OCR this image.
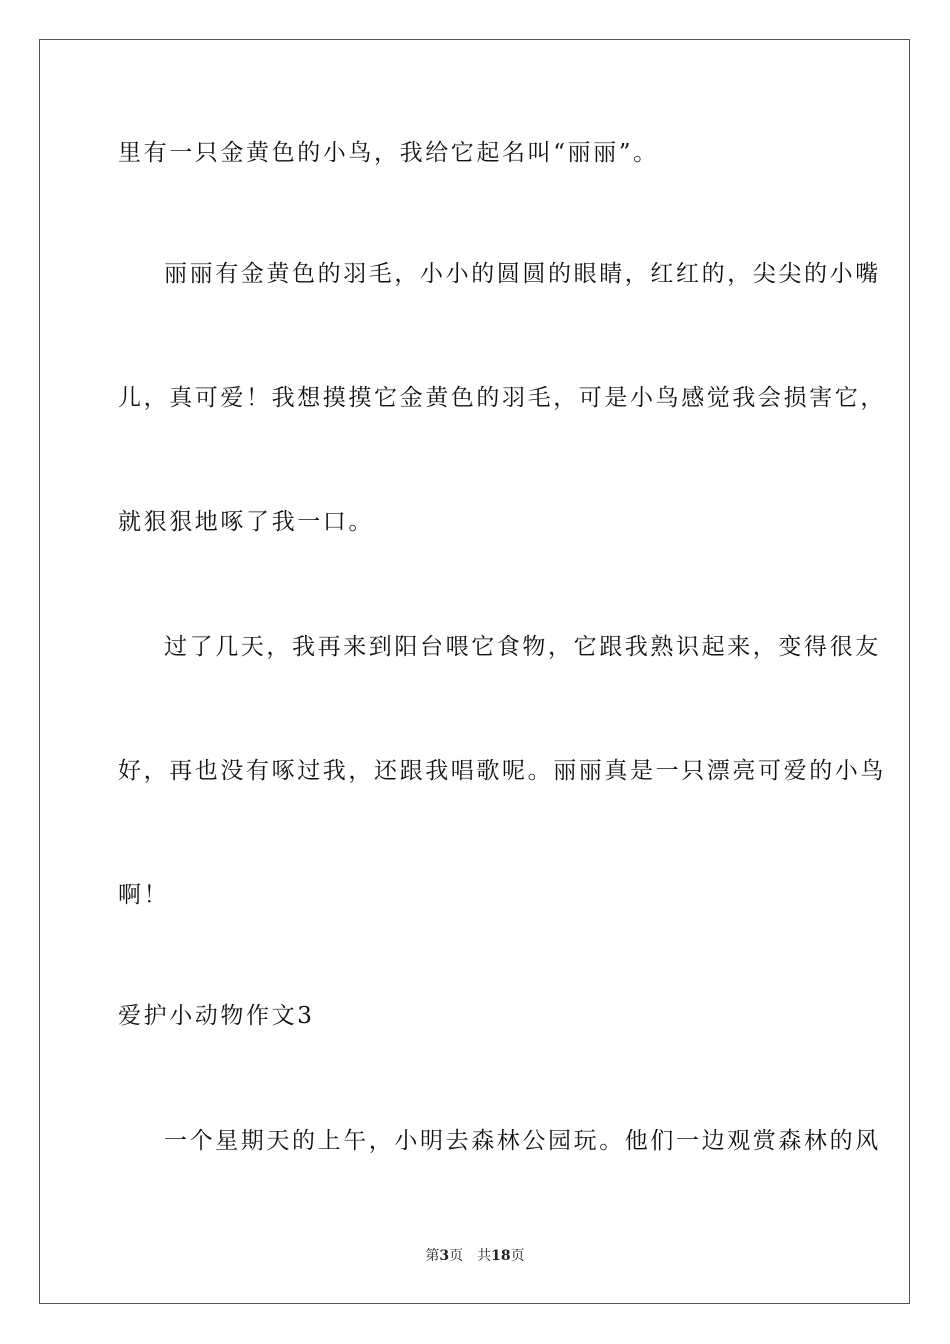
里有一只金黄色的小鸟，我给它起名叫“丽丽”。
丽丽有金黄色的羽毛，小小的圆圆的眼睛，红红的，尖尖的小嘴
儿，真可爱！我想摸摸它金黄色的羽毛，可是小鸟感觉我会损害它，
就狠狠地啄了我一口。
过了几天，我再来到阳台喂它食物，它跟我熟识起来，变得很友
好，再也没有啄过我，还跟我唱歌呢。丽丽真是一只漂亮可爱的小鸟
啊！
爱护小动物作文3
一个星期天的上午，小明去森林公园玩。他们一边观赏森林的风
第3页 共18页
